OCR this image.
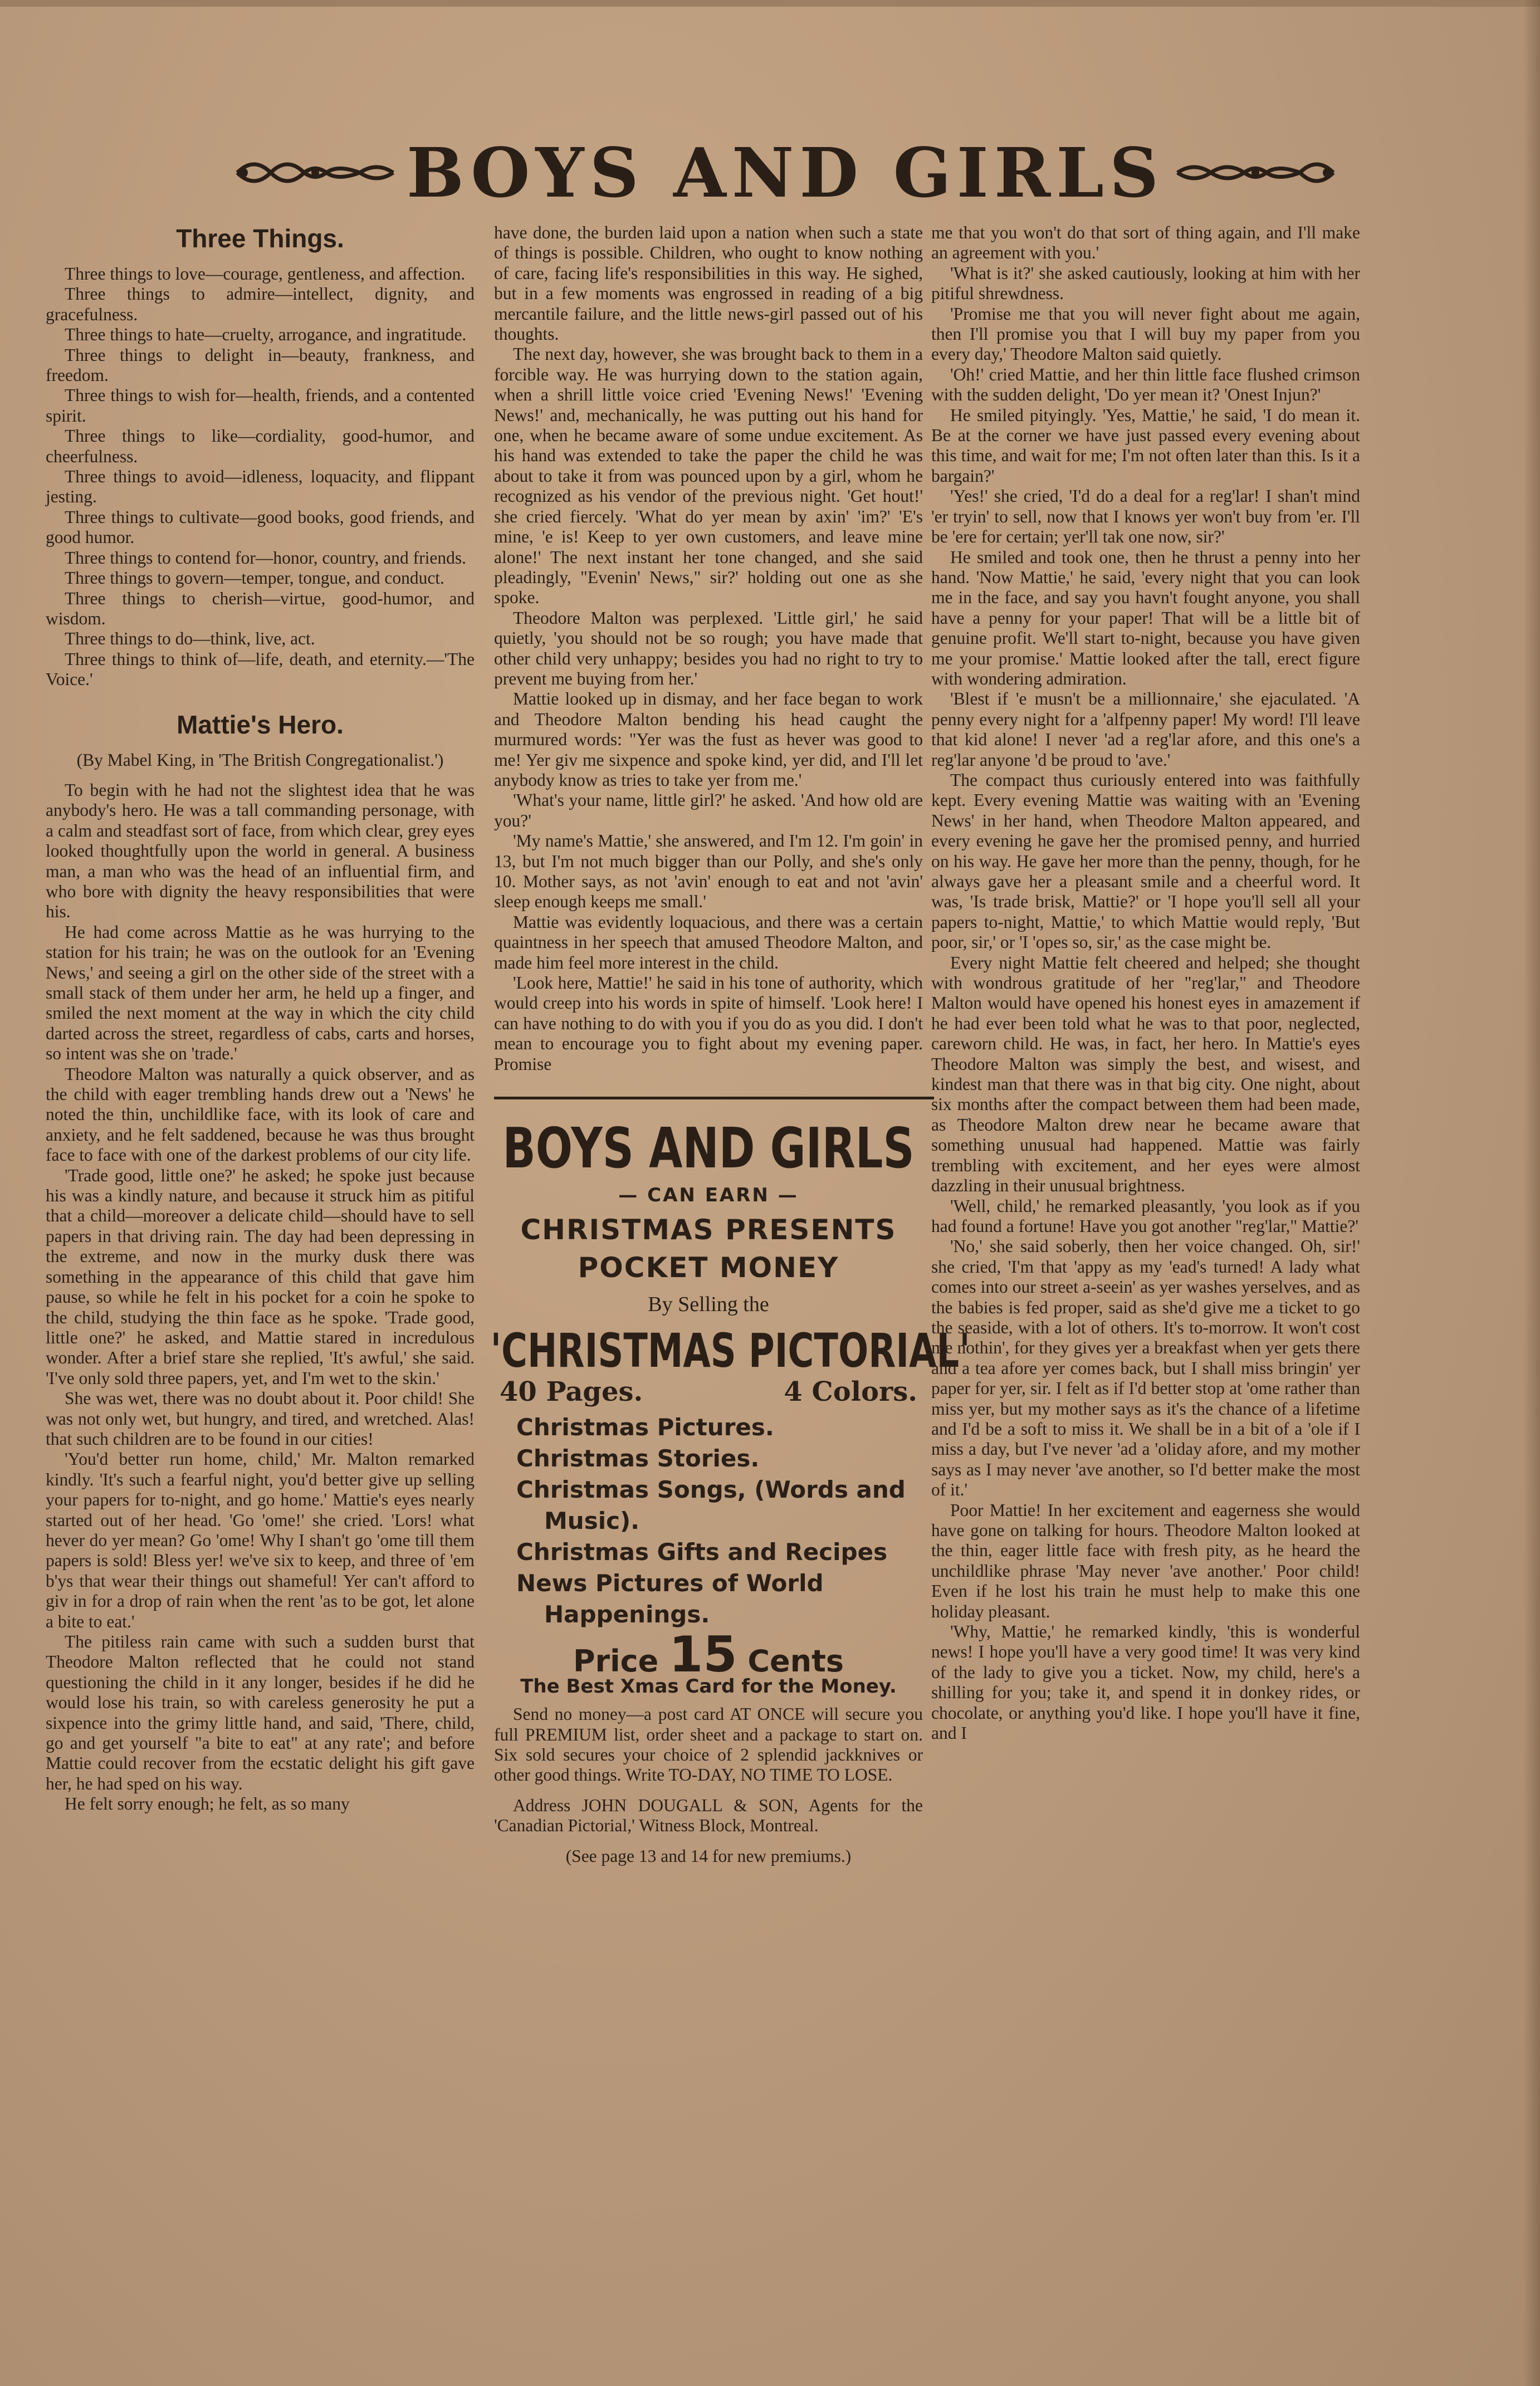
BOYS AND GIRLS
Three Things.

Three things to love—courage, gentleness, and affection.

Three things to admire—intellect, dignity, and gracefulness.

Three things to hate—cruelty, arrogance, and ingratitude.

Three things to delight in—beauty, frankness, and freedom.

Three things to wish for—health, friends, and a contented spirit.

Three things to like—cordiality, good-humor, and cheerfulness.

Three things to avoid—idleness, loquacity, and flippant jesting.

Three things to cultivate—good books, good friends, and good humor.

Three things to contend for—honor, country, and friends.

Three things to govern—temper, tongue, and conduct.

Three things to cherish—virtue, good-humor, and wisdom.

Three things to do—think, live, act.

Three things to think of—life, death, and eternity.—'The Voice.'

Mattie's Hero.

(By Mabel King, in 'The British Congregationalist.')

To begin with he had not the slightest idea that he was anybody's hero. He was a tall commanding personage, with a calm and steadfast sort of face, from which clear, grey eyes looked thoughtfully upon the world in general. A business man, a man who was the head of an influential firm, and who bore with dignity the heavy responsibilities that were his.

He had come across Mattie as he was hurrying to the station for his train; he was on the outlook for an 'Evening News,' and seeing a girl on the other side of the street with a small stack of them under her arm, he held up a finger, and smiled the next moment at the way in which the city child darted across the street, regardless of cabs, carts and horses, so intent was she on 'trade.'

Theodore Malton was naturally a quick observer, and as the child with eager trembling hands drew out a 'News' he noted the thin, unchildlike face, with its look of care and anxiety, and he felt saddened, because he was thus brought face to face with one of the darkest problems of our city life.

'Trade good, little one?' he asked; he spoke just because his was a kindly nature, and because it struck him as pitiful that a child—moreover a delicate child—should have to sell papers in that driving rain. The day had been depressing in the extreme, and now in the murky dusk there was something in the appearance of this child that gave him pause, so while he felt in his pocket for a coin he spoke to the child, studying the thin face as he spoke. 'Trade good, little one?' he asked, and Mattie stared in incredulous wonder. After a brief stare she replied, 'It's awful,' she said. 'I've only sold three papers, yet, and I'm wet to the skin.'

She was wet, there was no doubt about it. Poor child! She was not only wet, but hungry, and tired, and wretched. Alas! that such children are to be found in our cities!

'You'd better run home, child,' Mr. Malton remarked kindly. 'It's such a fearful night, you'd better give up selling your papers for to-night, and go home.' Mattie's eyes nearly started out of her head. 'Go 'ome!' she cried. 'Lors! what hever do yer mean? Go 'ome! Why I shan't go 'ome till them papers is sold! Bless yer! we've six to keep, and three of 'em b'ys that wear their things out shameful! Yer can't afford to giv in for a drop of rain when the rent 'as to be got, let alone a bite to eat.'

The pitiless rain came with such a sudden burst that Theodore Malton reflected that he could not stand questioning the child in it any longer, besides if he did he would lose his train, so with careless generosity he put a sixpence into the grimy little hand, and said, 'There, child, go and get yourself "a bite to eat" at any rate'; and before Mattie could recover from the ecstatic delight his gift gave her, he had sped on his way.

He felt sorry enough; he felt, as so many

have done, the burden laid upon a nation when such a state of things is possible. Children, who ought to know nothing of care, facing life's responsibilities in this way. He sighed, but in a few moments was engrossed in reading of a big mercantile failure, and the little news-girl passed out of his thoughts.

The next day, however, she was brought back to them in a forcible way. He was hurrying down to the station again, when a shrill little voice cried 'Evening News!' 'Evening News!' and, mechanically, he was putting out his hand for one, when he became aware of some undue excitement. As his hand was extended to take the paper the child he was about to take it from was pounced upon by a girl, whom he recognized as his vendor of the previous night. 'Get hout!' she cried fiercely. 'What do yer mean by axin' 'im?' 'E's mine, 'e is! Keep to yer own customers, and leave mine alone!' The next instant her tone changed, and she said pleadingly, "Evenin' News," sir?' holding out one as she spoke.

Theodore Malton was perplexed. 'Little girl,' he said quietly, 'you should not be so rough; you have made that other child very unhappy; besides you had no right to try to prevent me buying from her.'

Mattie looked up in dismay, and her face began to work and Theodore Malton bending his head caught the murmured words: "Yer was the fust as hever was good to me! Yer giv me sixpence and spoke kind, yer did, and I'll let anybody know as tries to take yer from me.'

'What's your name, little girl?' he asked. 'And how old are you?'

'My name's Mattie,' she answered, and I'm 12. I'm goin' in 13, but I'm not much bigger than our Polly, and she's only 10. Mother says, as not 'avin' enough to eat and not 'avin' sleep enough keeps me small.'

Mattie was evidently loquacious, and there was a certain quaintness in her speech that amused Theodore Malton, and made him feel more interest in the child.

'Look here, Mattie!' he said in his tone of authority, which would creep into his words in spite of himself. 'Look here! I can have nothing to do with you if you do as you did. I don't mean to encourage you to fight about my evening paper. Promise

BOYS AND GIRLS
— CAN EARN —
CHRISTMAS PRESENTS
POCKET MONEY
By Selling the
'CHRISTMAS PICTORIAL'
40 Pages.	4 Colors.
Christmas Pictures.
Christmas Stories.
Christmas Songs, (Words and Music).
Christmas Gifts and Recipes
News Pictures of World Happenings.
Price 15 Cents
The Best Xmas Card for the Money.

Send no money—a post card AT ONCE will secure you full PREMIUM list, order sheet and a package to start on. Six sold secures your choice of 2 splendid jackknives or other good things. Write TO-DAY, NO TIME TO LOSE.

Address JOHN DOUGALL & SON, Agents for the 'Canadian Pictorial,' Witness Block, Montreal.

(See page 13 and 14 for new premiums.)

me that you won't do that sort of thing again, and I'll make an agreement with you.'

'What is it?' she asked cautiously, looking at him with her pitiful shrewdness.

'Promise me that you will never fight about me again, then I'll promise you that I will buy my paper from you every day,' Theodore Malton said quietly.

'Oh!' cried Mattie, and her thin little face flushed crimson with the sudden delight, 'Do yer mean it? 'Onest Injun?'

He smiled pityingly. 'Yes, Mattie,' he said, 'I do mean it. Be at the corner we have just passed every evening about this time, and wait for me; I'm not often later than this. Is it a bargain?'

'Yes!' she cried, 'I'd do a deal for a reg'lar! I shan't mind 'er tryin' to sell, now that I knows yer won't buy from 'er. I'll be 'ere for certain; yer'll tak one now, sir?'

He smiled and took one, then he thrust a penny into her hand. 'Now Mattie,' he said, 'every night that you can look me in the face, and say you havn't fought anyone, you shall have a penny for your paper! That will be a little bit of genuine profit. We'll start to-night, because you have given me your promise.' Mattie looked after the tall, erect figure with wondering admiration.

'Blest if 'e musn't be a millionnaire,' she ejaculated. 'A penny every night for a 'alfpenny paper! My word! I'll leave that kid alone! I never 'ad a reg'lar afore, and this one's a reg'lar anyone 'd be proud to 'ave.'

The compact thus curiously entered into was faithfully kept. Every evening Mattie was waiting with an 'Evening News' in her hand, when Theodore Malton appeared, and every evening he gave her the promised penny, and hurried on his way. He gave her more than the penny, though, for he always gave her a pleasant smile and a cheerful word. It was, 'Is trade brisk, Mattie?' or 'I hope you'll sell all your papers to-night, Mattie,' to which Mattie would reply, 'But poor, sir,' or 'I 'opes so, sir,' as the case might be.

Every night Mattie felt cheered and helped; she thought with wondrous gratitude of her "reg'lar," and Theodore Malton would have opened his honest eyes in amazement if he had ever been told what he was to that poor, neglected, careworn child. He was, in fact, her hero. In Mattie's eyes Theodore Malton was simply the best, and wisest, and kindest man that there was in that big city. One night, about six months after the compact between them had been made, as Theodore Malton drew near he became aware that something unusual had happened. Mattie was fairly trembling with excitement, and her eyes were almost dazzling in their unusual brightness.

'Well, child,' he remarked pleasantly, 'you look as if you had found a fortune! Have you got another "reg'lar," Mattie?'

'No,' she said soberly, then her voice changed. Oh, sir!' she cried, 'I'm that 'appy as my 'ead's turned! A lady what comes into our street a-seein' as yer washes yerselves, and as the babies is fed proper, said as she'd give me a ticket to go the seaside, with a lot of others. It's to-morrow. It won't cost me nothin', for they gives yer a breakfast when yer gets there and a tea afore yer comes back, but I shall miss bringin' yer paper for yer, sir. I felt as if I'd better stop at 'ome rather than miss yer, but my mother says as it's the chance of a lifetime and I'd be a soft to miss it. We shall be in a bit of a 'ole if I miss a day, but I've never 'ad a 'oliday afore, and my mother says as I may never 'ave another, so I'd better make the most of it.'

Poor Mattie! In her excitement and eagerness she would have gone on talking for hours. Theodore Malton looked at the thin, eager little face with fresh pity, as he heard the unchildlike phrase 'May never 'ave another.' Poor child! Even if he lost his train he must help to make this one holiday pleasant.

'Why, Mattie,' he remarked kindly, 'this is wonderful news! I hope you'll have a very good time! It was very kind of the lady to give you a ticket. Now, my child, here's a shilling for you; take it, and spend it in donkey rides, or chocolate, or anything you'd like. I hope you'll have it fine, and I
